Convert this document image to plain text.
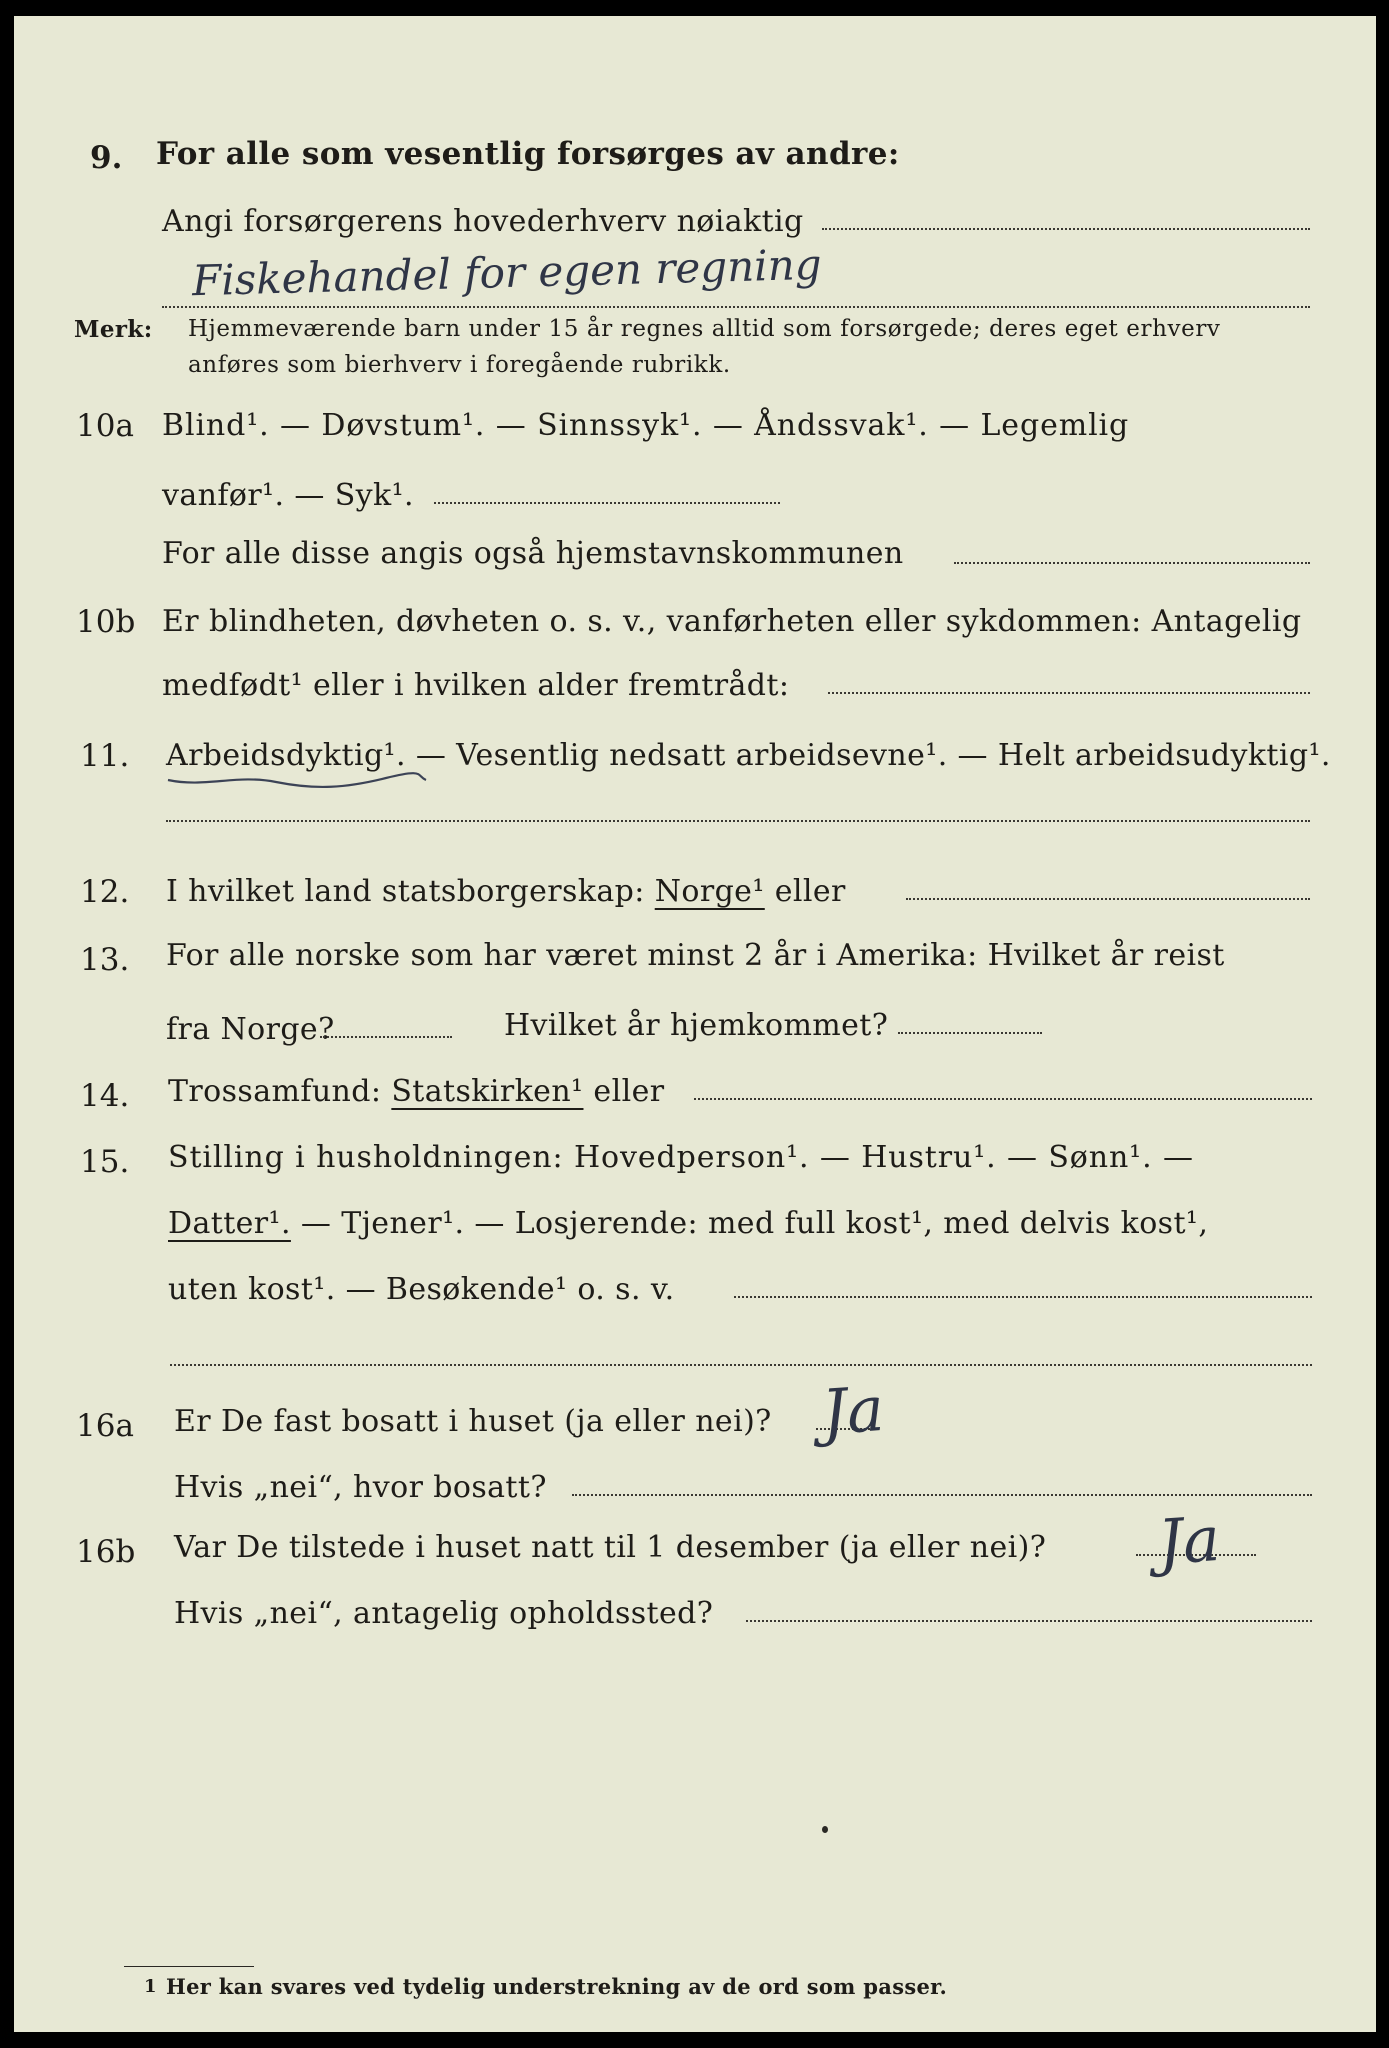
9. For alle som vesentlig forsørges av andre:
Angi forsørgerens hovederhverv nøiaktig
Fiskehandel for egen regning
Merk: Hjemmeværende barn under 15 år regnes alltid som forsørgede; deres eget erhverv
anføres som bierhverv i foregående rubrikk.
10a Blind¹. — Døvstum¹. — Sinnssyk¹. — Åndssvak¹. — Legemlig
vanfør¹. — Syk¹.
For alle disse angis også hjemstavnskommunen
10b Er blindheten, døvheten o. s. v., vanførheten eller sykdommen: Antagelig
medfødt¹ eller i hvilken alder fremtrådt:
11. Arbeidsdyktig¹. — Vesentlig nedsatt arbeidsevne¹. — Helt arbeidsudyktig¹.
12. I hvilket land statsborgerskap: Norge¹ eller
13. For alle norske som har været minst 2 år i Amerika: Hvilket år reist
fra Norge?	Hvilket år hjemkommet?
14. Trossamfund: Statskirken¹ eller
15. Stilling i husholdningen: Hovedperson¹. — Hustru¹. — Sønn¹. —
Datter¹. — Tjener¹. — Losjerende: med full kost¹, med delvis kost¹,
uten kost¹. — Besøkende¹ o. s. v.
16a Er De fast bosatt i huset (ja eller nei)? Ja
Hvis „nei“, hvor bosatt?
16b Var De tilstede i huset natt til 1 desember (ja eller nei)? Ja
Hvis „nei“, antagelig opholdssted?
1 Her kan svares ved tydelig understrekning av de ord som passer.
